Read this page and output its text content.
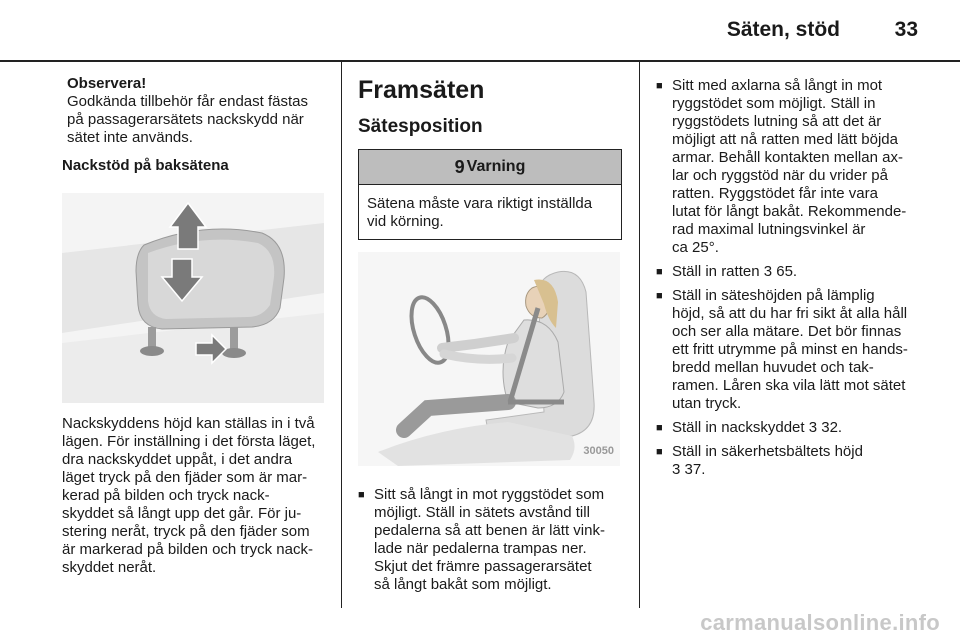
Säten, stöd	33
Observera!
Godkända tillbehör får endast fästas
på passagerarsätets nackskydd när
sätet inte används.
Nackstöd på baksätena
Nackskyddens höjd kan ställas in i två
lägen. För inställning i det första läget,
dra nackskyddet uppåt, i det andra
läget tryck på den fjäder som är mar-
kerad på bilden och tryck nack-
skyddet så långt upp det går. För ju-
stering neråt, tryck på den fjäder som
är markerad på bilden och tryck nack-
skyddet neråt.
Framsäten
Sätesposition
9 Varning
Sätena måste vara riktigt inställda
vid körning.
30050
■ Sitt så långt in mot ryggstödet som
möjligt. Ställ in sätets avstånd till
pedalerna så att benen är lätt vink-
lade när pedalerna trampas ner.
Skjut det främre passagerarsätet
så långt bakåt som möjligt.
■ Sitt med axlarna så långt in mot
ryggstödet som möjligt. Ställ in
ryggstödets lutning så att det är
möjligt att nå ratten med lätt böjda
armar. Behåll kontakten mellan ax-
lar och ryggstöd när du vrider på
ratten. Ryggstödet får inte vara
lutat för långt bakåt. Rekommende-
rad maximal lutningsvinkel är
ca 25°.
■ Ställ in ratten 3 65.
■ Ställ in säteshöjden på lämplig
höjd, så att du har fri sikt åt alla håll
och ser alla mätare. Det bör finnas
ett fritt utrymme på minst en hands-
bredd mellan huvudet och tak-
ramen. Låren ska vila lätt mot sätet
utan tryck.
■ Ställ in nackskyddet 3 32.
■ Ställ in säkerhetsbältets höjd
3 37.
carmanualsonline.info
